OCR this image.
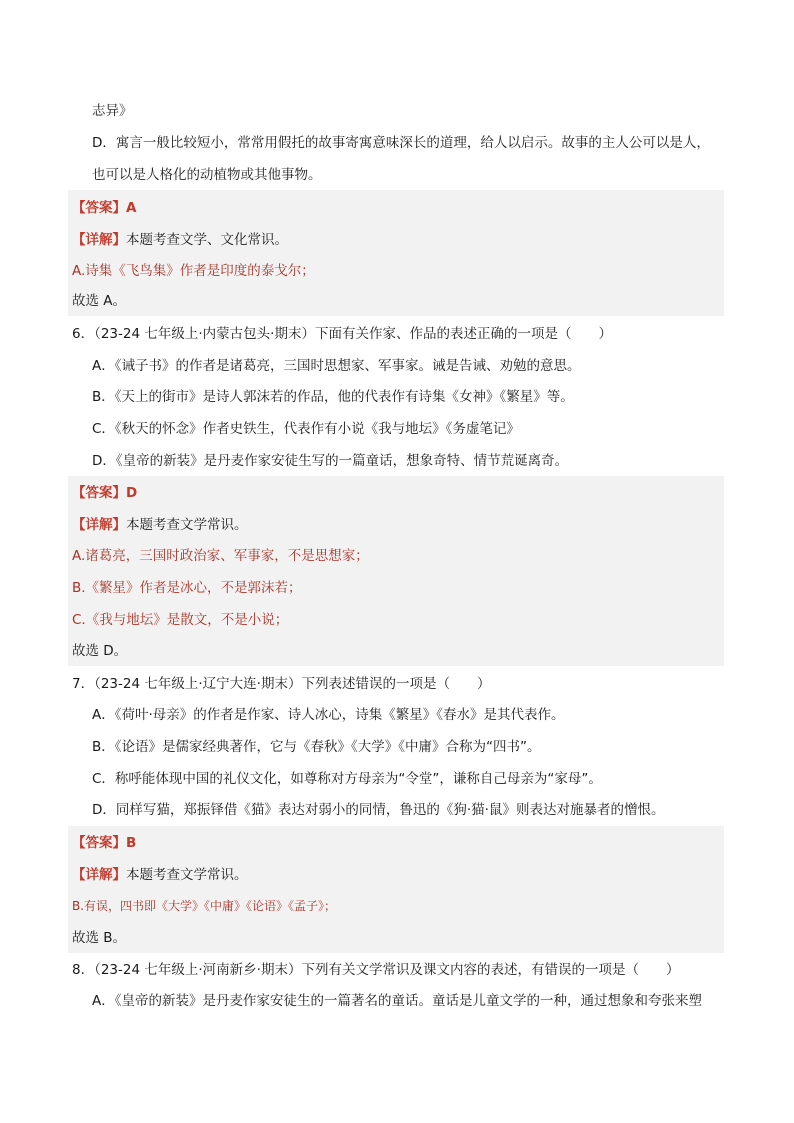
志异》
D．寓言一般比较短小，常常用假托的故事寄寓意味深长的道理，给人以启示。故事的主人公可以是人，
也可以是人格化的动植物或其他事物。
【答案】A
【详解】本题考查文学、文化常识。
A.诗集《飞鸟集》作者是印度的泰戈尔；
故选 A。
6．（23-24 七年级上·内蒙古包头·期末）下面有关作家、作品的表述正确的一项是（　　）
A．《诫子书》的作者是诸葛亮，三国时思想家、军事家。诫是告诫、劝勉的意思。
B．《天上的街市》是诗人郭沫若的作品，他的代表作有诗集《女神》《繁星》等。
C．《秋天的怀念》作者史铁生，代表作有小说《我与地坛》《务虚笔记》
D．《皇帝的新装》是丹麦作家安徒生写的一篇童话，想象奇特、情节荒诞离奇。
【答案】D
【详解】本题考查文学常识。
A.诸葛亮，三国时政治家、军事家，不是思想家；
B.《繁星》作者是冰心，不是郭沫若；
C.《我与地坛》是散文，不是小说；
故选 D。
7．（23-24 七年级上·辽宁大连·期末）下列表述错误的一项是（　　）
A．《荷叶·母亲》的作者是作家、诗人冰心，诗集《繁星》《春水》是其代表作。
B．《论语》是儒家经典著作，它与《春秋》《大学》《中庸》合称为“四书”。
C．称呼能体现中国的礼仪文化，如尊称对方母亲为“令堂”，谦称自己母亲为“家母”。
D．同样写猫，郑振铎借《猫》表达对弱小的同情，鲁迅的《狗·猫·鼠》则表达对施暴者的憎恨。
【答案】B
【详解】本题考查文学常识。
B.有误，四书即《大学》《中庸》《论语》《孟子》；
故选 B。
8．（23-24 七年级上·河南新乡·期末）下列有关文学常识及课文内容的表述，有错误的一项是（　　）
A．《皇帝的新装》是丹麦作家安徒生的一篇著名的童话。童话是儿童文学的一种，通过想象和夸张来塑
